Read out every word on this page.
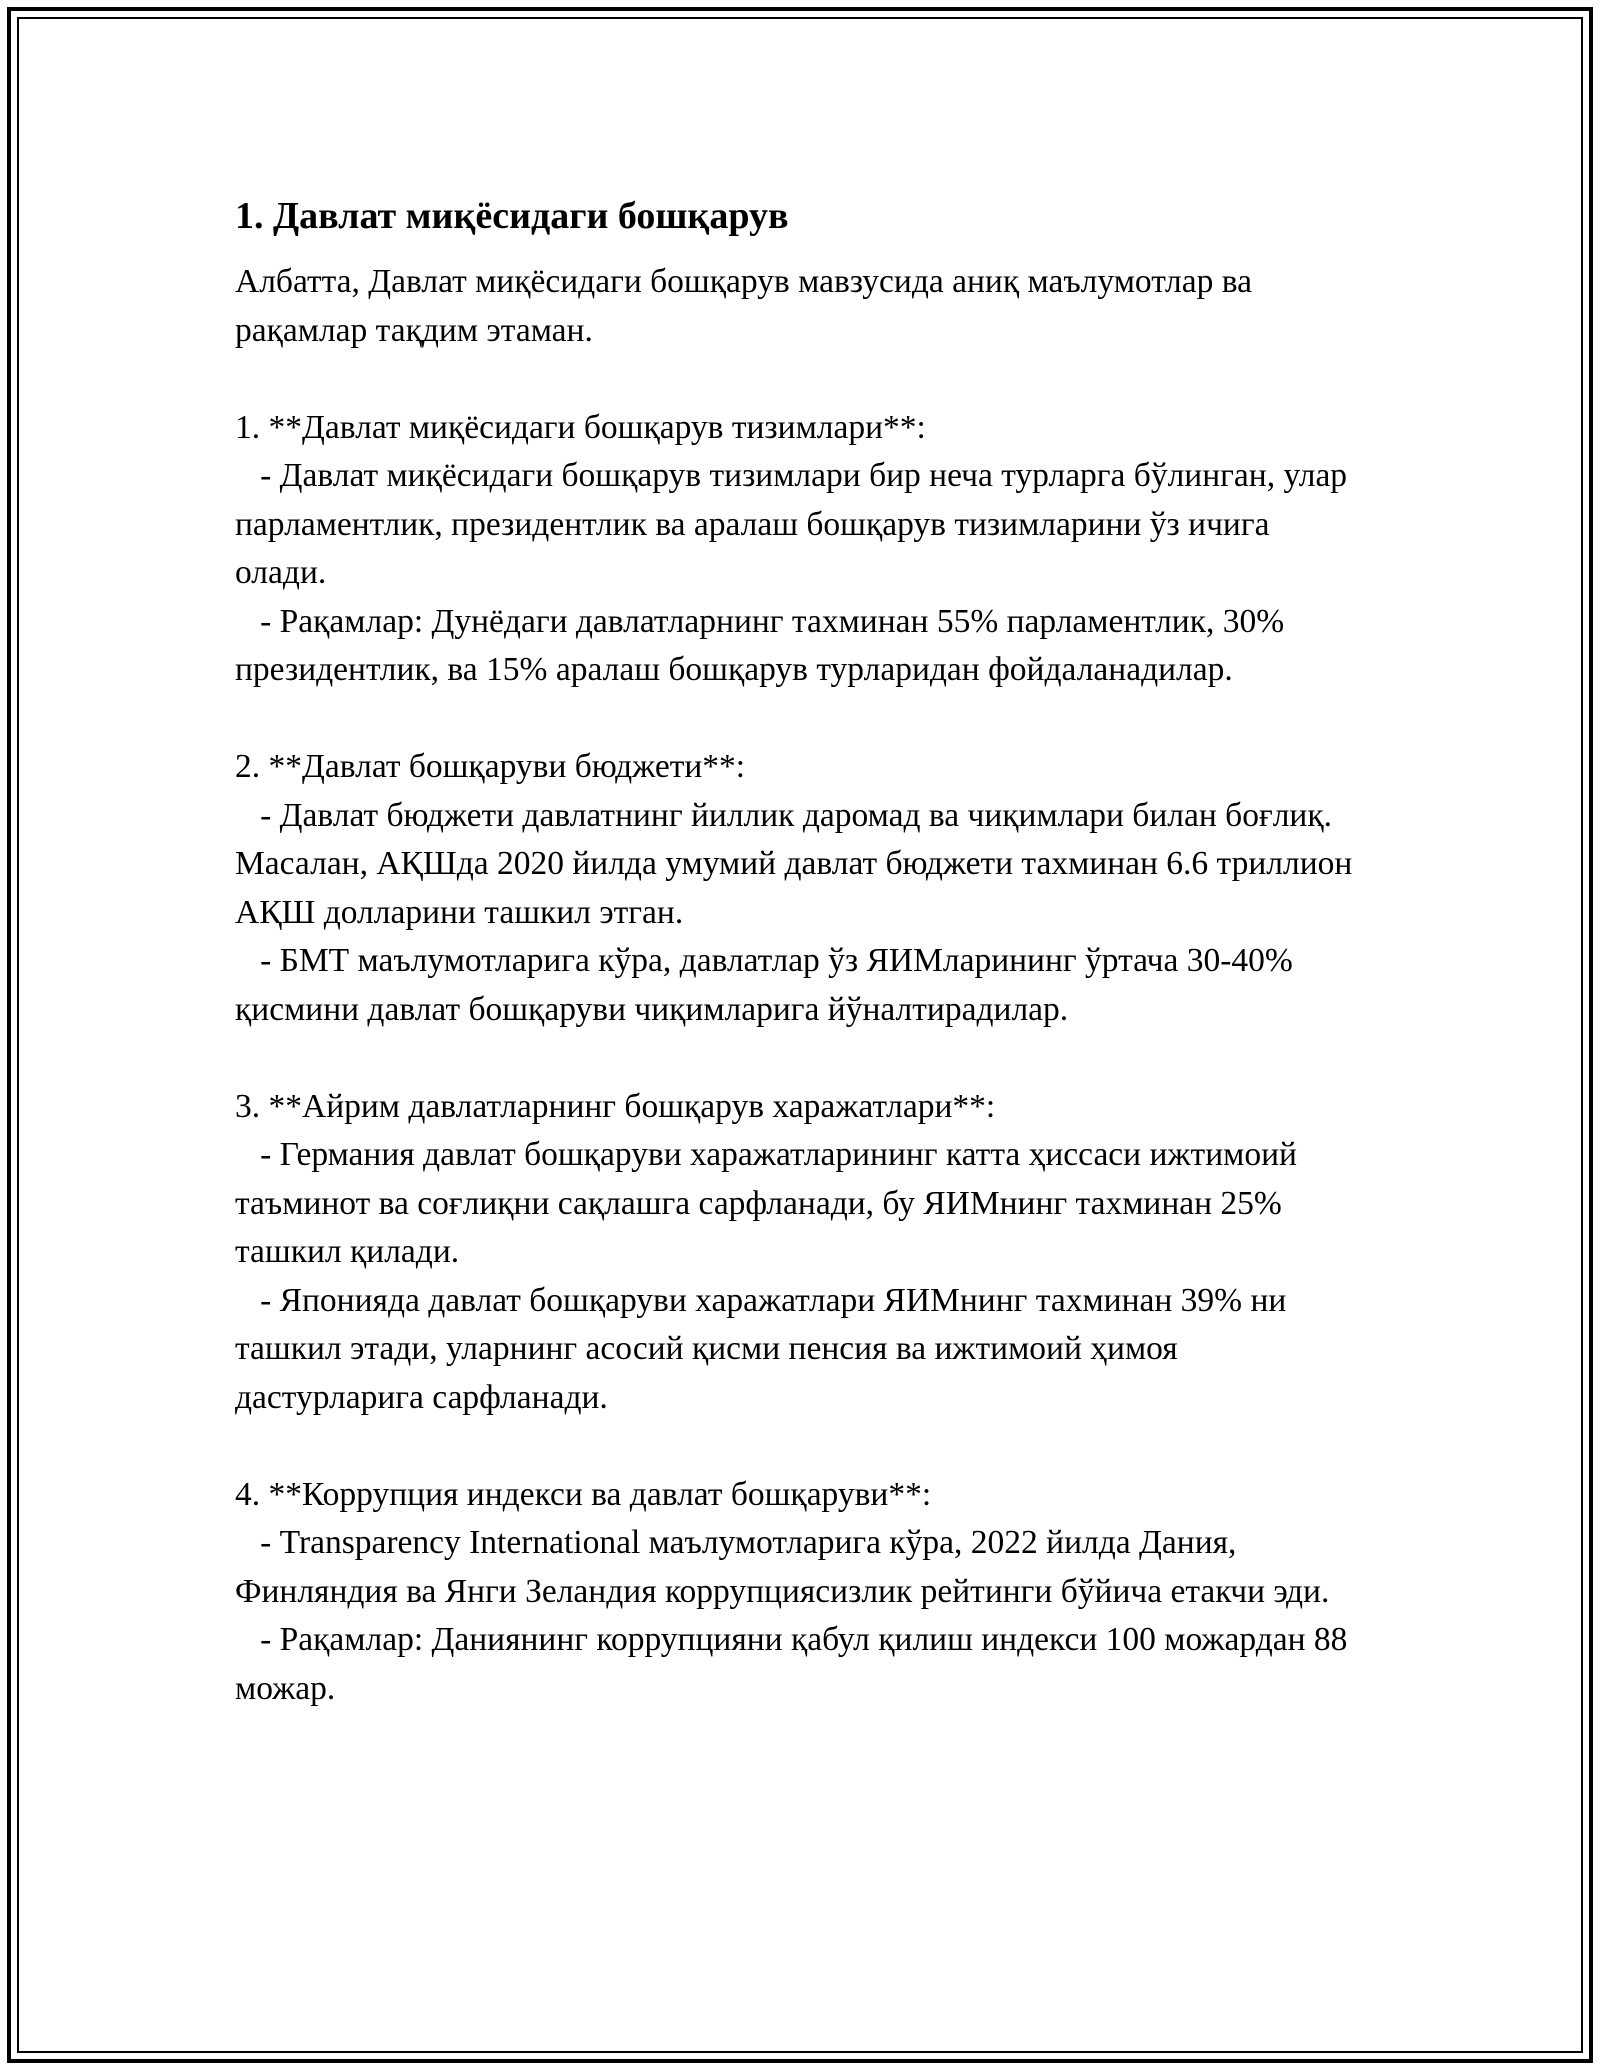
1. Давлат миқёсидаги бошқарув
Албатта, Давлат миқёсидаги бошқарув мавзусида аниқ маълумотлар ва рақамлар тақдим этаман.

1. **Давлат миқёсидаги бошқарув тизимлари**:
- Давлат миқёсидаги бошқарув тизимлари бир неча турларга бўлинган, улар парламентлик, президентлик ва аралаш бошқарув тизимларини ўз ичига олади.
- Рақамлар: Дунёдаги давлатларнинг тахминан 55% парламентлик, 30% президентлик, ва 15% аралаш бошқарув турларидан фойдаланадилар.

2. **Давлат бошқаруви бюджети**:
- Давлат бюджети давлатнинг йиллик даромад ва чиқимлари билан боғлиқ. Масалан, АҚШда 2020 йилда умумий давлат бюджети тахминан 6.6 триллион АҚШ долларини ташкил этган.
- БМТ маълумотларига кўра, давлатлар ўз ЯИМларининг ўртача 30-40% қисмини давлат бошқаруви чиқимларига йўналтирадилар.

3. **Айрим давлатларнинг бошқарув харажатлари**:
- Германия давлат бошқаруви харажатларининг катта ҳиссаси ижтимоий таъминот ва соғлиқни сақлашга сарфланади, бу ЯИМнинг тахминан 25% ташкил қилади.
- Японияда давлат бошқаруви харажатлари ЯИМнинг тахминан 39% ни ташкил этади, уларнинг асосий қисми пенсия ва ижтимоий ҳимоя дастурларига сарфланади.

4. **Коррупция индекси ва давлат бошқаруви**:
- Transparency International маълумотларига кўра, 2022 йилда Дания, Финляндия ва Янги Зеландия коррупциясизлик рейтинги бўйича етакчи эди.
- Рақамлар: Даниянинг коррупцияни қабул қилиш индекси 100 можардан 88 можар.
